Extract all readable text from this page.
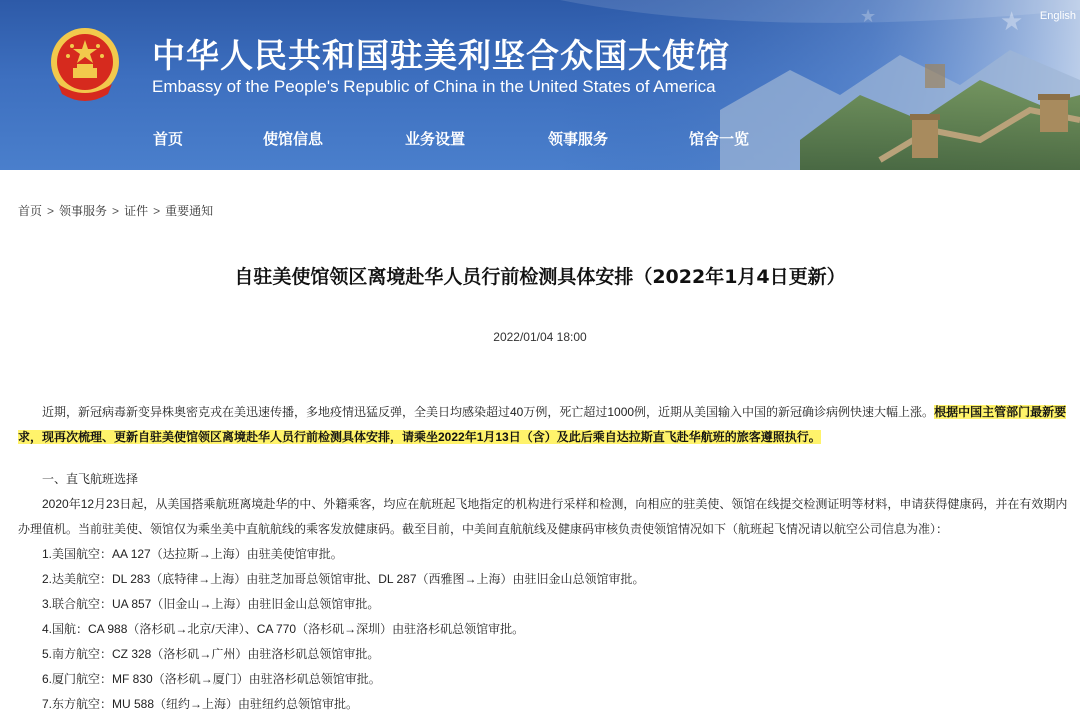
★
★
中华人民共和国驻美利坚合众国大使馆
Embassy of the People's Republic of China in the United States of America
English
首页	使馆信息	业务设置	领事服务	馆舍一览
首页 > 领事服务 > 证件 > 重要通知
自驻美使馆领区离境赴华人员行前检测具体安排（2022年1月4日更新）
2022/01/04 18:00

近期，新冠病毒新变异株奥密克戎在美迅速传播，多地疫情迅猛反弹，全美日均感染超过40万例，死亡超过1000例，近期从美国输入中国的新冠确诊病例快速大幅上涨。根据中国主管部门最新要求，现再次梳理、更新自驻美使馆领区离境赴华人员行前检测具体安排，请乘坐2022年1月13日（含）及此后乘自达拉斯直飞赴华航班的旅客遵照执行。

一、直飞航班选择

2020年12月23日起，从美国搭乘航班离境赴华的中、外籍乘客，均应在航班起飞地指定的机构进行采样和检测，向相应的驻美使、领馆在线提交检测证明等材料，申请获得健康码，并在有效期内办理值机。当前驻美使、领馆仅为乘坐美中直航航线的乘客发放健康码。截至目前，中美间直航航线及健康码审核负责使领馆情况如下（航班起飞情况请以航空公司信息为准）：

1.美国航空：AA 127（达拉斯→上海）由驻美使馆审批。

2.达美航空：DL 283（底特律→上海）由驻芝加哥总领馆审批、DL 287（西雅图→上海）由驻旧金山总领馆审批。

3.联合航空：UA 857（旧金山→上海）由驻旧金山总领馆审批。

4.国航：CA 988（洛杉矶→北京/天津）、CA 770（洛杉矶→深圳）由驻洛杉矶总领馆审批。

5.南方航空：CZ 328（洛杉矶→广州）由驻洛杉矶总领馆审批。

6.厦门航空：MF 830（洛杉矶→厦门）由驻洛杉矶总领馆审批。

7.东方航空：MU 588（纽约→上海）由驻纽约总领馆审批。
